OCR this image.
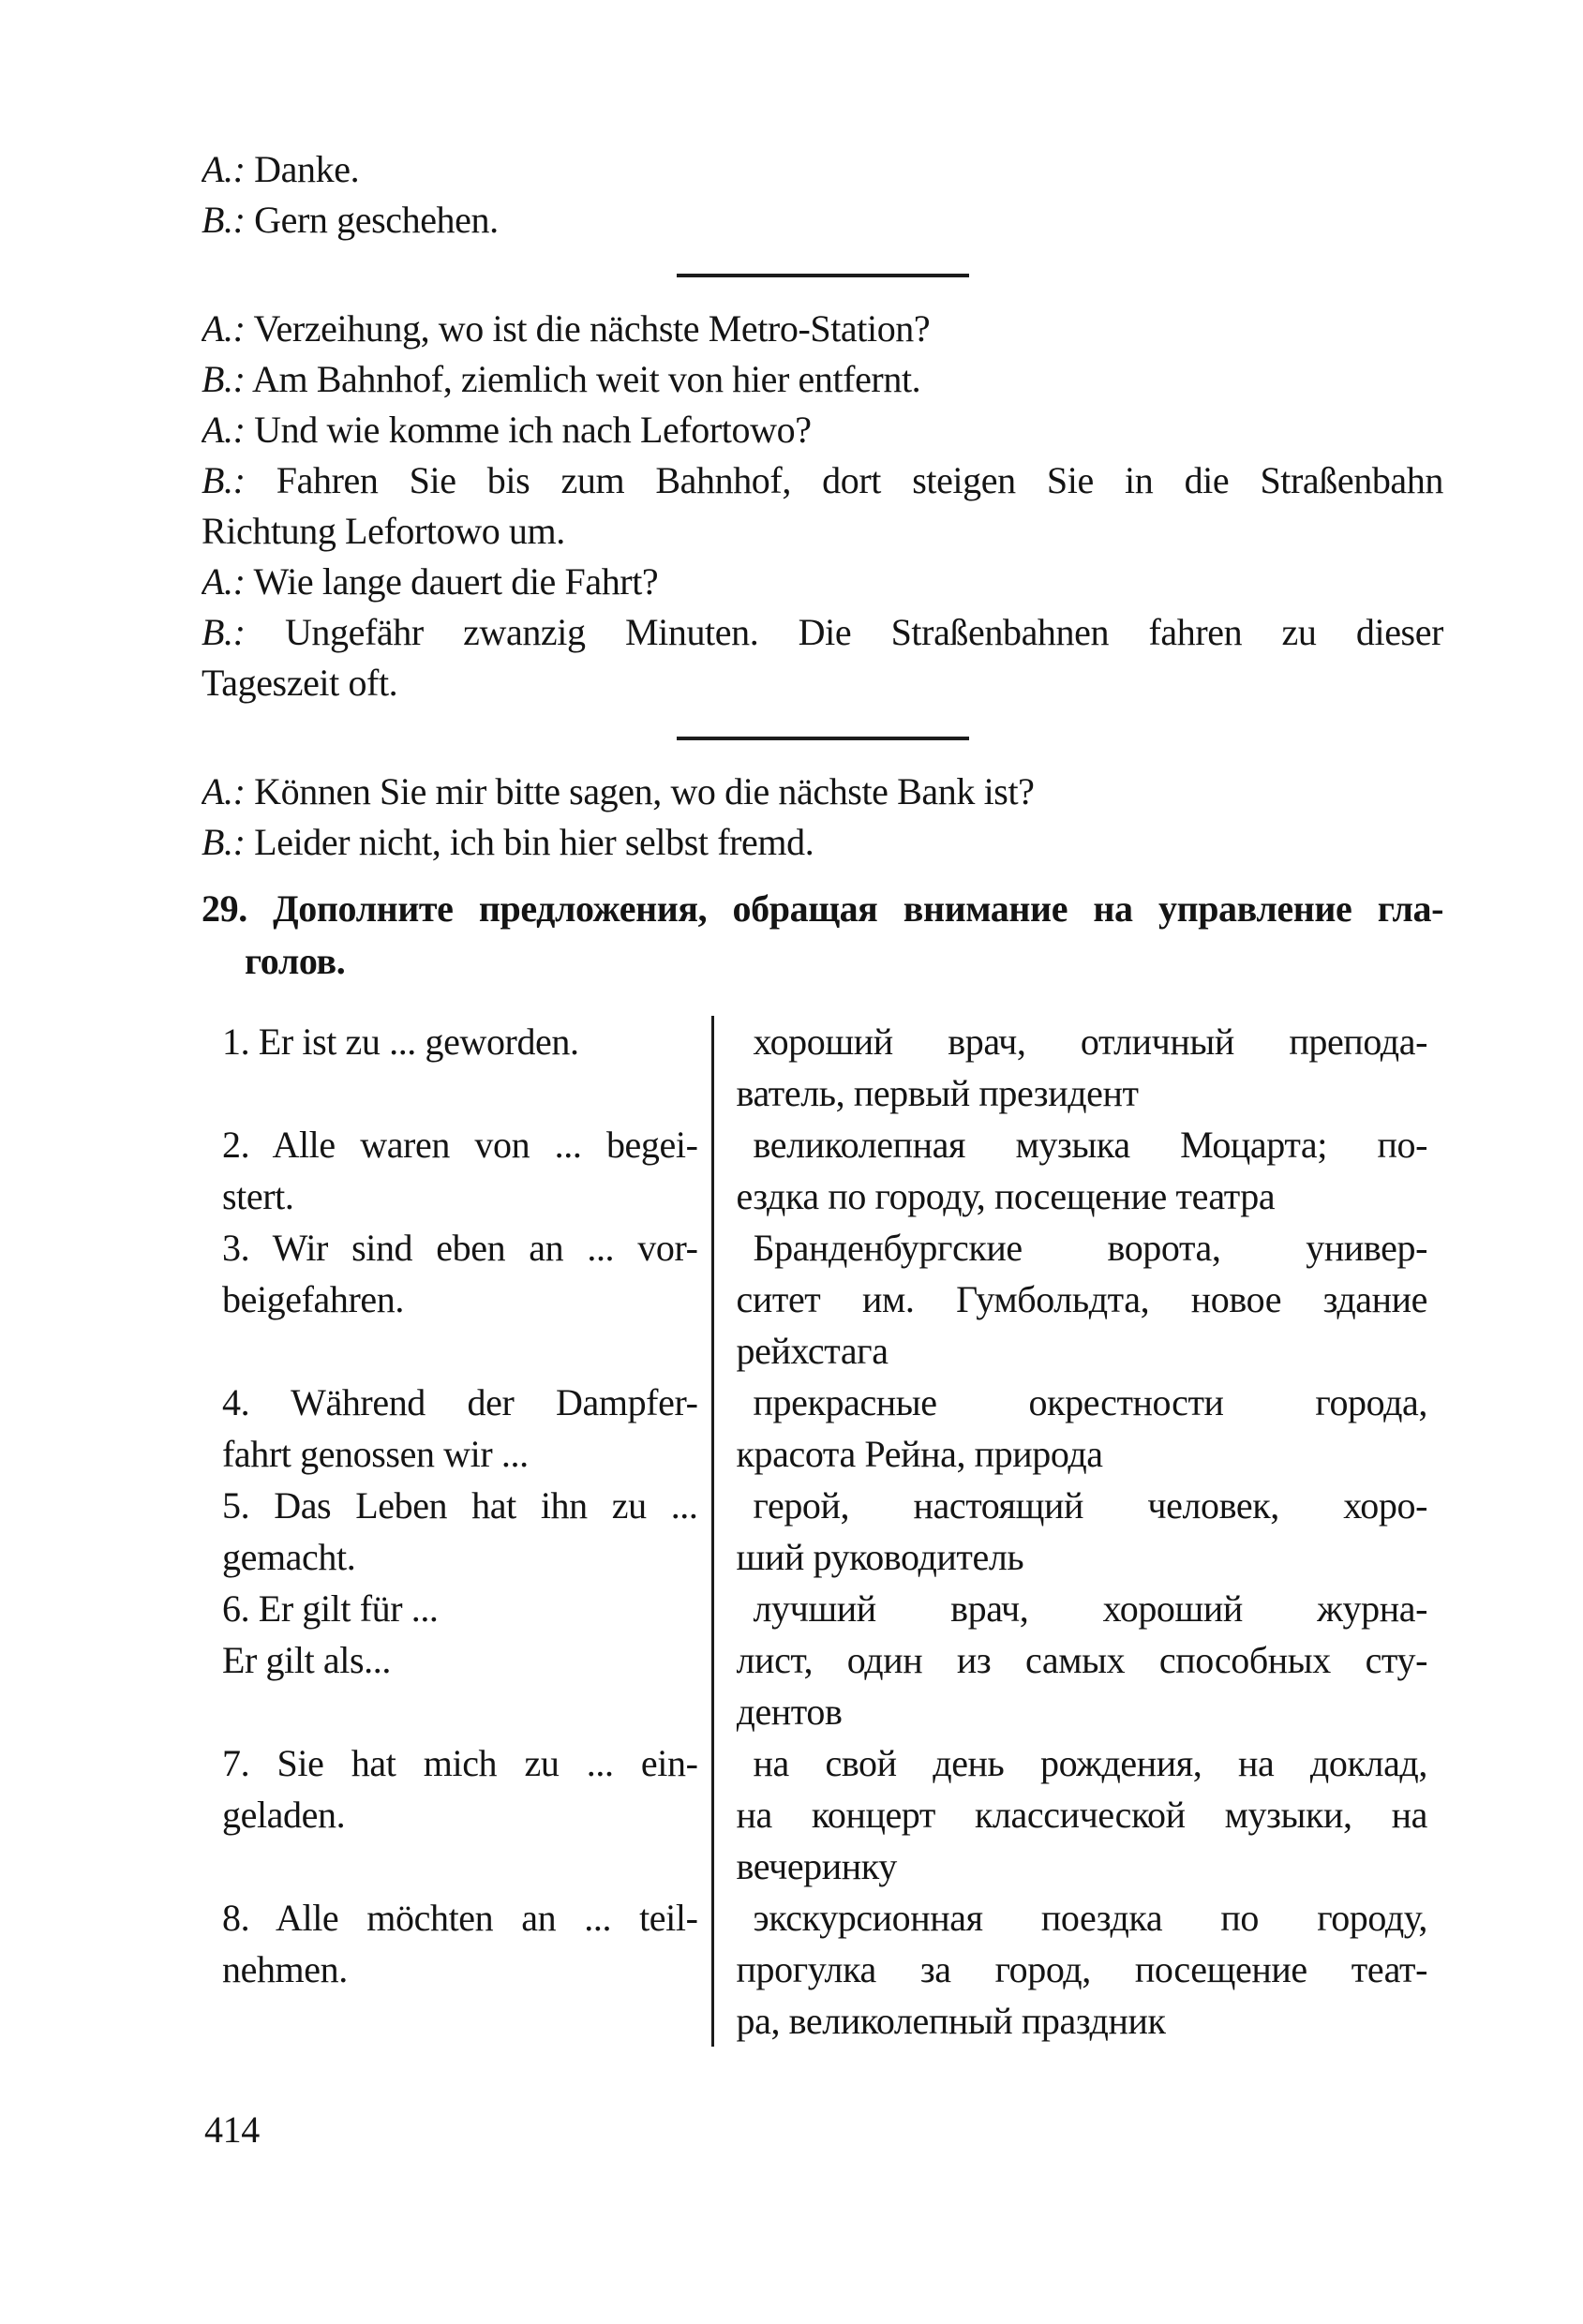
A.: Danke.
B.: Gern geschehen.
A.: Verzeihung, wo ist die nächste Metro-Station?
B.: Am Bahnhof, ziemlich weit von hier entfernt.
A.: Und wie komme ich nach Lefortowo?
B.: Fahren Sie bis zum Bahnhof, dort steigen Sie in die Straßenbahn
Richtung Lefortowo um.
A.: Wie lange dauert die Fahrt?
B.: Ungefähr zwanzig Minuten. Die Straßenbahnen fahren zu dieser
Tageszeit oft.
A.: Können Sie mir bitte sagen, wo die nächste Bank ist?
B.: Leider nicht, ich bin hier selbst fremd.
29. Дополните предложения, обращая внимание на управление гла-
голов.
1. Er ist zu ... geworden.	хороший врач, отличный препода-
ватель, первый президент

2. Alle waren von ... begei-
stert.

великолепная музыка Моцарта; по-
ездка по городу, посещение театра

3. Wir sind eben an ... vor-
beigefahren.

Бранденбургские ворота, универ-
ситет им. Гумбольдта, новое здание
рейхстага

4. Während der Dampfer-
fahrt genossen wir ...

прекрасные окрестности города,
красота Рейна, природа

5. Das Leben hat ihn zu ...
gemacht.

герой, настоящий человек, хоро-
ший руководитель

6. Er gilt für ...
Er gilt als...

лучший врач, хороший журна-
лист, один из самых способных сту-
дентов

7. Sie hat mich zu ... ein-
geladen.

на свой день рождения, на доклад,
на концерт классической музыки, на
вечеринку

8. Alle möchten an ... teil-
nehmen.

экскурсионная поездка по городу,
прогулка за город, посещение теат-
ра, великолепный праздник
414
